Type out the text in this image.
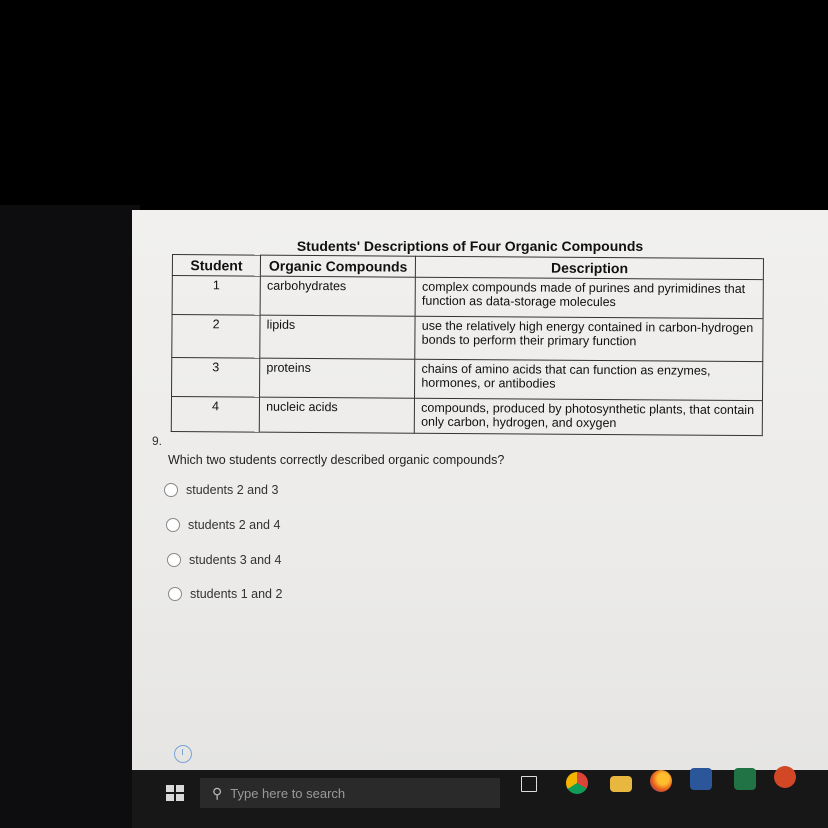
Students' Descriptions of Four Organic Compounds
Student	Organic Compounds	Description
1	carbohydrates	complex compounds made of purines and pyrimidines that function as data-storage molecules
2	lipids	use the relatively high energy contained in carbon-hydrogen bonds to perform their primary function
3	proteins	chains of amino acids that can function as enzymes, hormones, or antibodies
4	nucleic acids	compounds, produced by photosynthetic plants, that contain only carbon, hydrogen, and oxygen
9.
Which two students correctly described organic compounds?
students 2 and 3
students 2 and 4
students 3 and 4
students 1 and 2
⚲ Type here to search
